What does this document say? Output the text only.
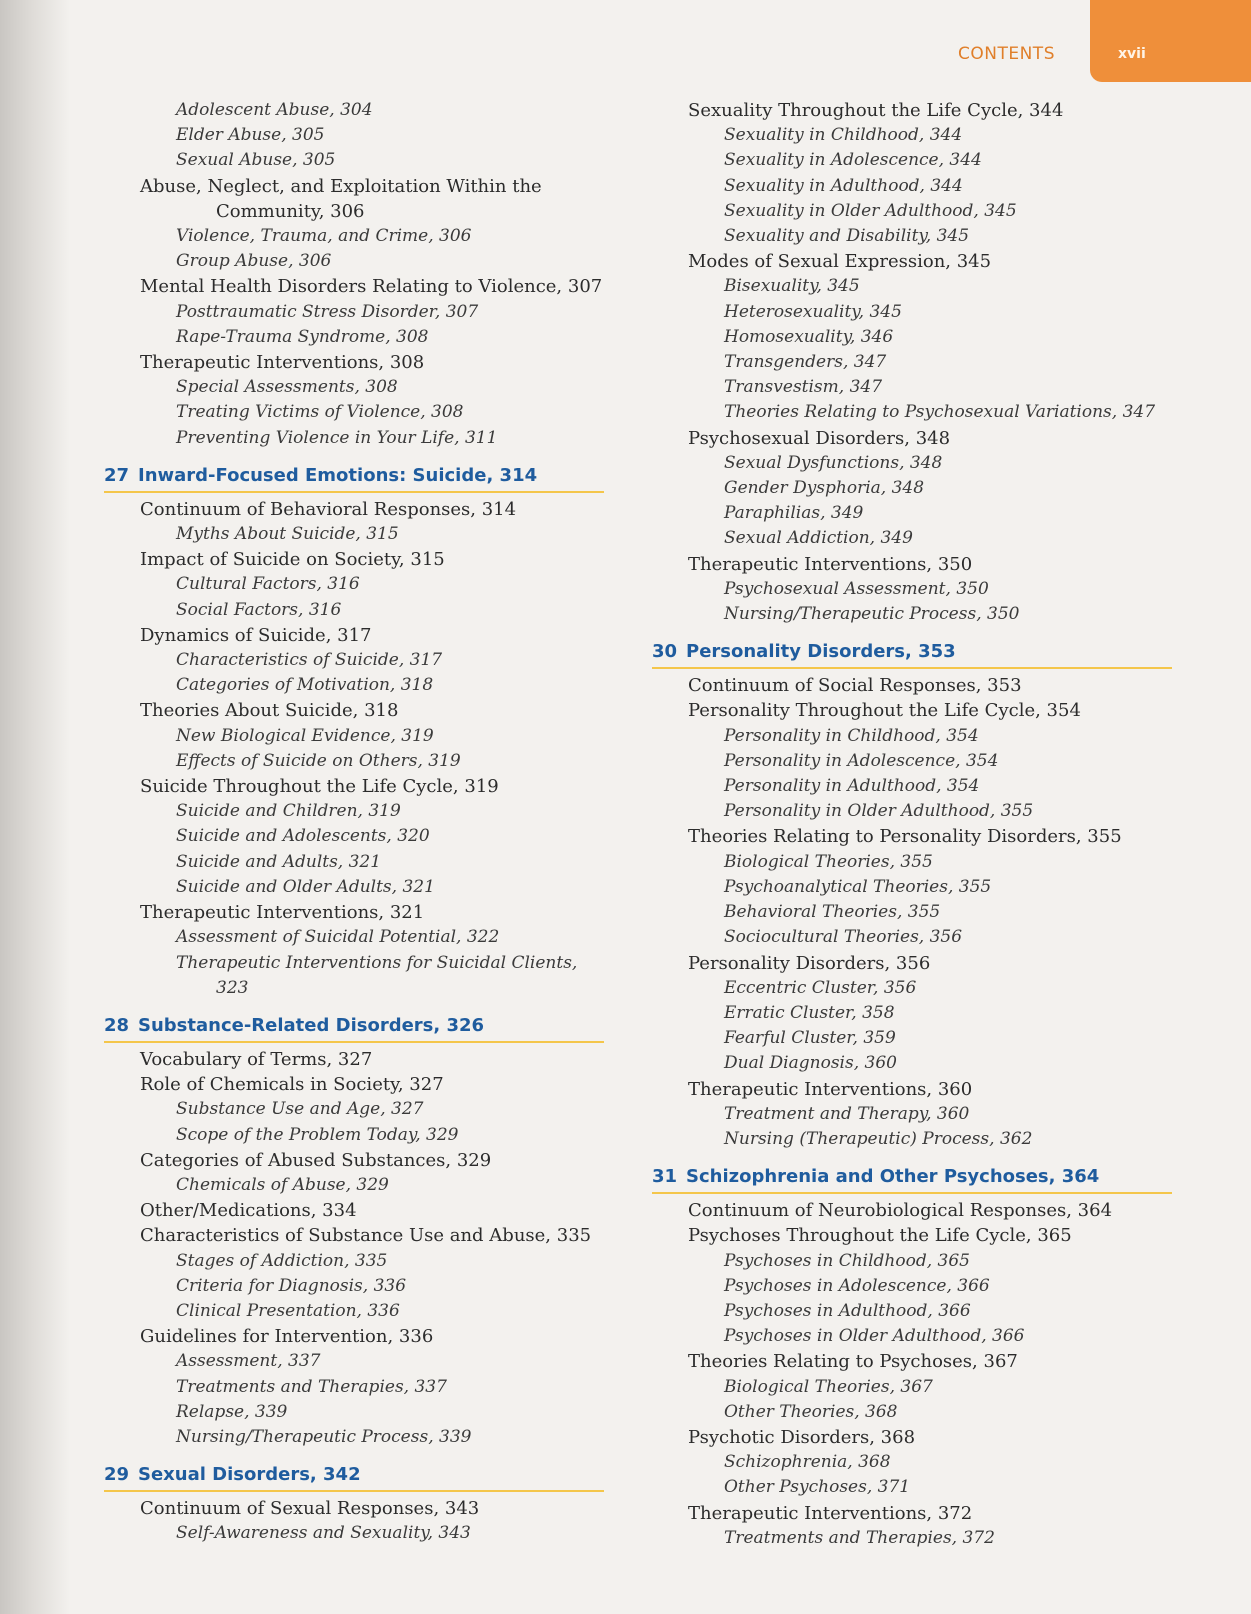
CONTENTS	xvii
Adolescent Abuse, 304
Elder Abuse, 305
Sexual Abuse, 305
Abuse, Neglect, and Exploitation Within the
Community, 306
Violence, Trauma, and Crime, 306
Group Abuse, 306
Mental Health Disorders Relating to Violence, 307
Posttraumatic Stress Disorder, 307
Rape-Trauma Syndrome, 308
Therapeutic Interventions, 308
Special Assessments, 308
Treating Victims of Violence, 308
Preventing Violence in Your Life, 311
27 Inward-Focused Emotions: Suicide, 314
Continuum of Behavioral Responses, 314
Myths About Suicide, 315
Impact of Suicide on Society, 315
Cultural Factors, 316
Social Factors, 316
Dynamics of Suicide, 317
Characteristics of Suicide, 317
Categories of Motivation, 318
Theories About Suicide, 318
New Biological Evidence, 319
Effects of Suicide on Others, 319
Suicide Throughout the Life Cycle, 319
Suicide and Children, 319
Suicide and Adolescents, 320
Suicide and Adults, 321
Suicide and Older Adults, 321
Therapeutic Interventions, 321
Assessment of Suicidal Potential, 322
Therapeutic Interventions for Suicidal Clients,
323
28 Substance-Related Disorders, 326
Vocabulary of Terms, 327
Role of Chemicals in Society, 327
Substance Use and Age, 327
Scope of the Problem Today, 329
Categories of Abused Substances, 329
Chemicals of Abuse, 329
Other/Medications, 334
Characteristics of Substance Use and Abuse, 335
Stages of Addiction, 335
Criteria for Diagnosis, 336
Clinical Presentation, 336
Guidelines for Intervention, 336
Assessment, 337
Treatments and Therapies, 337
Relapse, 339
Nursing/Therapeutic Process, 339
29 Sexual Disorders, 342
Continuum of Sexual Responses, 343
Self-Awareness and Sexuality, 343
Sexuality Throughout the Life Cycle, 344
Sexuality in Childhood, 344
Sexuality in Adolescence, 344
Sexuality in Adulthood, 344
Sexuality in Older Adulthood, 345
Sexuality and Disability, 345
Modes of Sexual Expression, 345
Bisexuality, 345
Heterosexuality, 345
Homosexuality, 346
Transgenders, 347
Transvestism, 347
Theories Relating to Psychosexual Variations, 347
Psychosexual Disorders, 348
Sexual Dysfunctions, 348
Gender Dysphoria, 348
Paraphilias, 349
Sexual Addiction, 349
Therapeutic Interventions, 350
Psychosexual Assessment, 350
Nursing/Therapeutic Process, 350
30 Personality Disorders, 353
Continuum of Social Responses, 353
Personality Throughout the Life Cycle, 354
Personality in Childhood, 354
Personality in Adolescence, 354
Personality in Adulthood, 354
Personality in Older Adulthood, 355
Theories Relating to Personality Disorders, 355
Biological Theories, 355
Psychoanalytical Theories, 355
Behavioral Theories, 355
Sociocultural Theories, 356
Personality Disorders, 356
Eccentric Cluster, 356
Erratic Cluster, 358
Fearful Cluster, 359
Dual Diagnosis, 360
Therapeutic Interventions, 360
Treatment and Therapy, 360
Nursing (Therapeutic) Process, 362
31 Schizophrenia and Other Psychoses, 364
Continuum of Neurobiological Responses, 364
Psychoses Throughout the Life Cycle, 365
Psychoses in Childhood, 365
Psychoses in Adolescence, 366
Psychoses in Adulthood, 366
Psychoses in Older Adulthood, 366
Theories Relating to Psychoses, 367
Biological Theories, 367
Other Theories, 368
Psychotic Disorders, 368
Schizophrenia, 368
Other Psychoses, 371
Therapeutic Interventions, 372
Treatments and Therapies, 372
